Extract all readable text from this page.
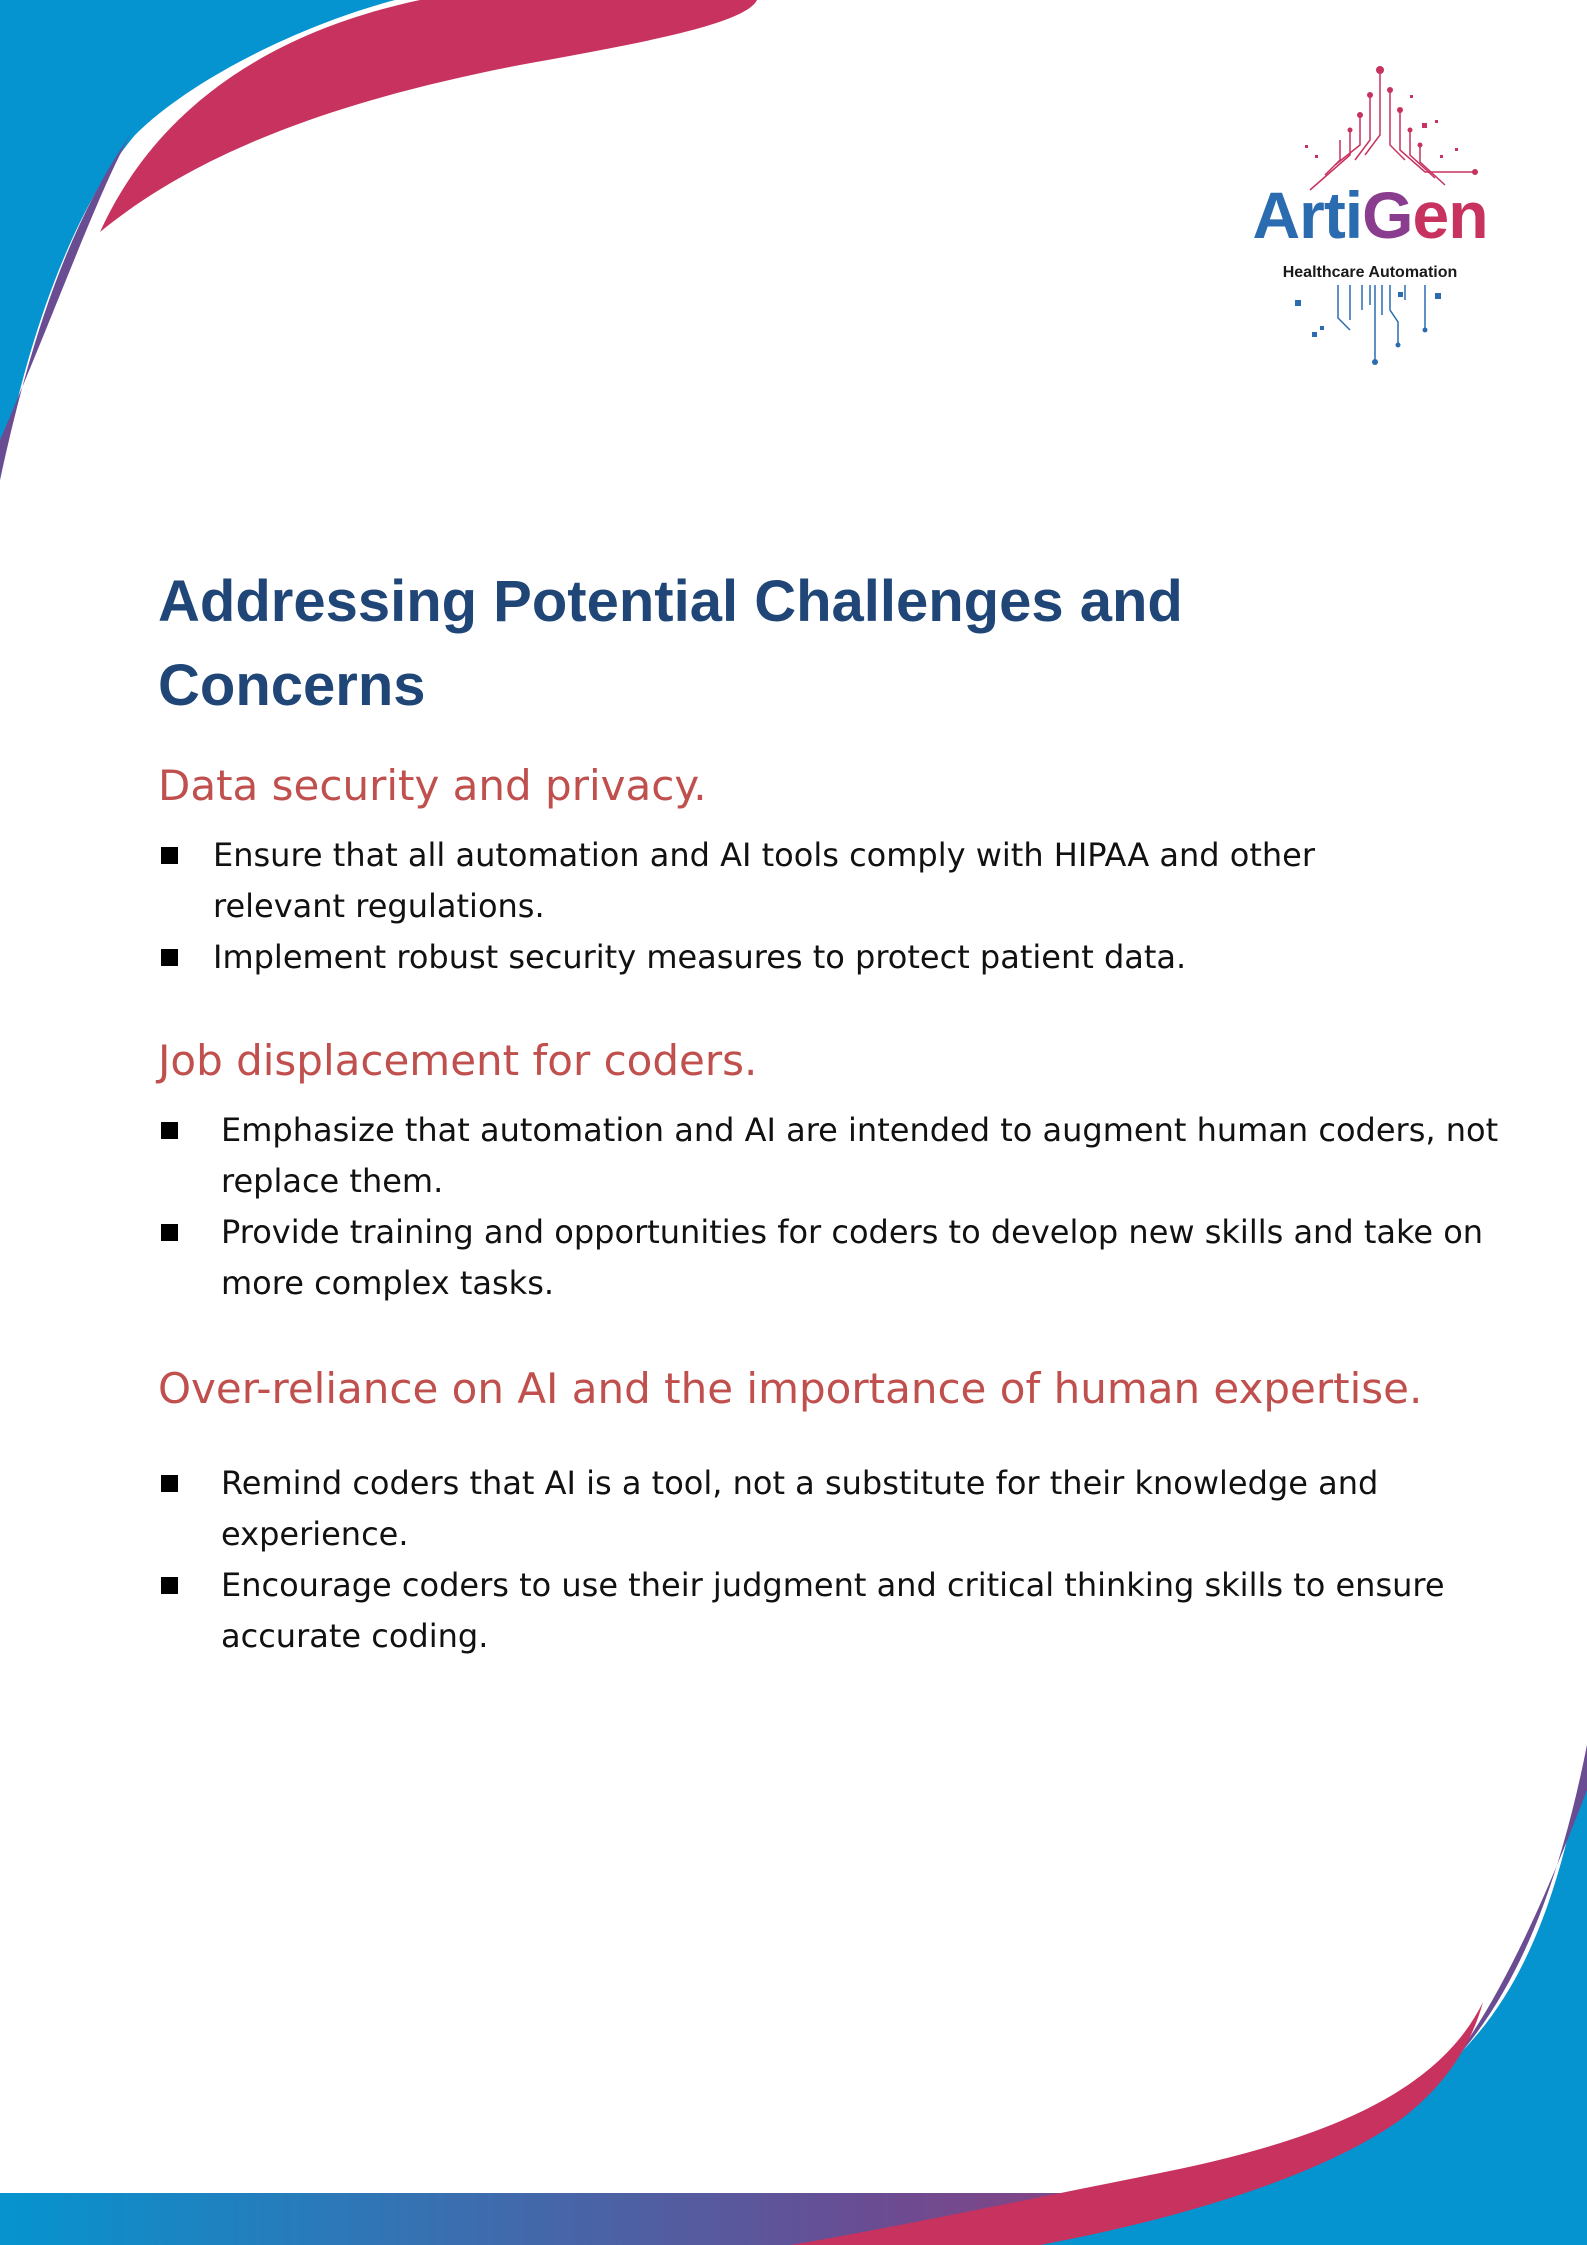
ArtiGen
Healthcare Automation
Addressing Potential Challenges and Concerns
Data security and privacy.
Ensure that all automation and AI tools comply with HIPAA and other relevant regulations.
Implement robust security measures to protect patient data.
Job displacement for coders.
Emphasize that automation and AI are intended to augment human coders, not replace them.
Provide training and opportunities for coders to develop new skills and take on more complex tasks.
Over-reliance on AI and the importance of human expertise.
Remind coders that AI is a tool, not a substitute for their knowledge and experience.
Encourage coders to use their judgment and critical thinking skills to ensure accurate coding.
